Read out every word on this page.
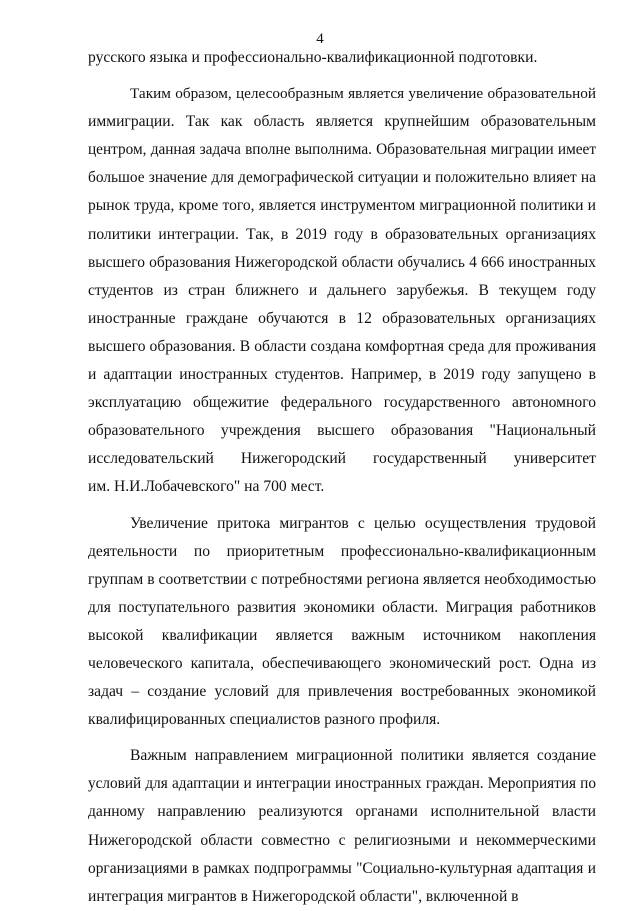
4
русского языка и профессионально-квалификационной подготовки.
Таким образом, целесообразным является увеличение образовательной
иммиграции. Так как область является крупнейшим образовательным
центром, данная задача вполне выполнима. Образовательная миграции имеет
большое значение для демографической ситуации и положительно влияет на
рынок труда, кроме того, является инструментом миграционной политики и
политики интеграции. Так, в 2019 году в образовательных организациях
высшего образования Нижегородской области обучались 4 666 иностранных
студентов из стран ближнего и дальнего зарубежья. В текущем году
иностранные граждане обучаются в 12 образовательных организациях
высшего образования. В области создана комфортная среда для проживания
и адаптации иностранных студентов. Например, в 2019 году запущено в
эксплуатацию общежитие федерального государственного автономного
образовательного учреждения высшего образования "Национальный
исследовательский Нижегородский государственный университет
им. Н.И.Лобачевского" на 700 мест.
Увеличение притока мигрантов с целью осуществления трудовой
деятельности по приоритетным профессионально-квалификационным
группам в соответствии с потребностями региона является необходимостью
для поступательного развития экономики области. Миграция работников
высокой квалификации является важным источником накопления
человеческого капитала, обеспечивающего экономический рост. Одна из
задач – создание условий для привлечения востребованных экономикой
квалифицированных специалистов разного профиля.
Важным направлением миграционной политики является создание
условий для адаптации и интеграции иностранных граждан. Мероприятия по
данному направлению реализуются органами исполнительной власти
Нижегородской области совместно с религиозными и некоммерческими
организациями в рамках подпрограммы "Социально-культурная адаптация и
интеграция мигрантов в Нижегородской области", включенной в
